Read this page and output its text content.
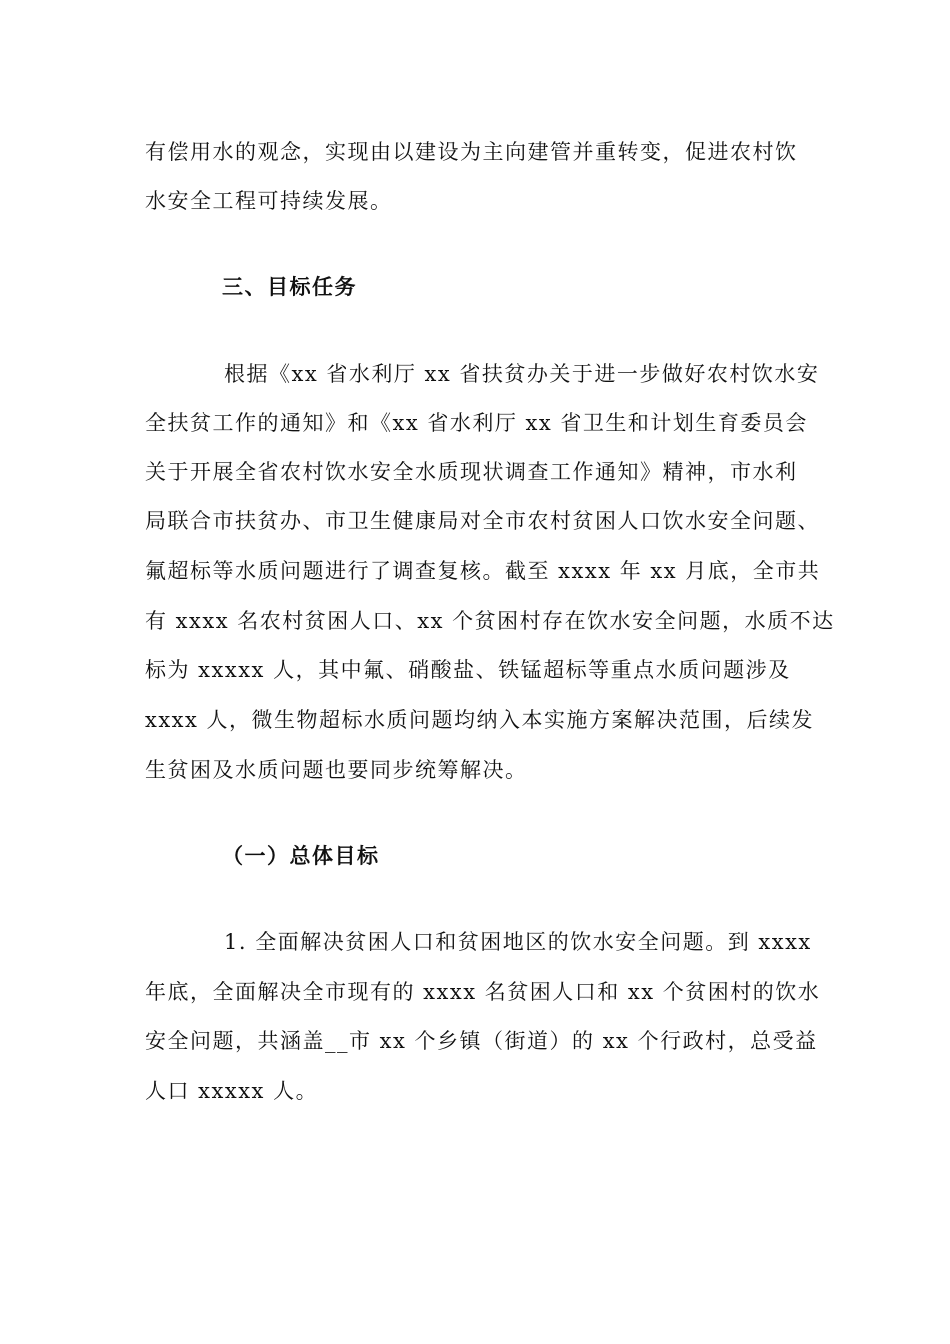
有偿用水的观念，实现由以建设为主向建管并重转变，促进农村饮
水安全工程可持续发展。
三、目标任务
根据《xx 省水利厅 xx 省扶贫办关于进一步做好农村饮水安
全扶贫工作的通知》和《xx 省水利厅 xx 省卫生和计划生育委员会
关于开展全省农村饮水安全水质现状调查工作通知》精神，市水利
局联合市扶贫办、市卫生健康局对全市农村贫困人口饮水安全问题、
氟超标等水质问题进行了调查复核。截至 xxxx 年 xx 月底，全市共
有 xxxx 名农村贫困人口、xx 个贫困村存在饮水安全问题，水质不达
标为 xxxxx 人，其中氟、硝酸盐、铁锰超标等重点水质问题涉及
xxxx 人，微生物超标水质问题均纳入本实施方案解决范围，后续发
生贫困及水质问题也要同步统筹解决。
（一）总体目标
1. 全面解决贫困人口和贫困地区的饮水安全问题。到 xxxx
年底，全面解决全市现有的 xxxx 名贫困人口和 xx 个贫困村的饮水
安全问题，共涵盖__市 xx 个乡镇（街道）的 xx 个行政村，总受益
人口 xxxxx 人。
